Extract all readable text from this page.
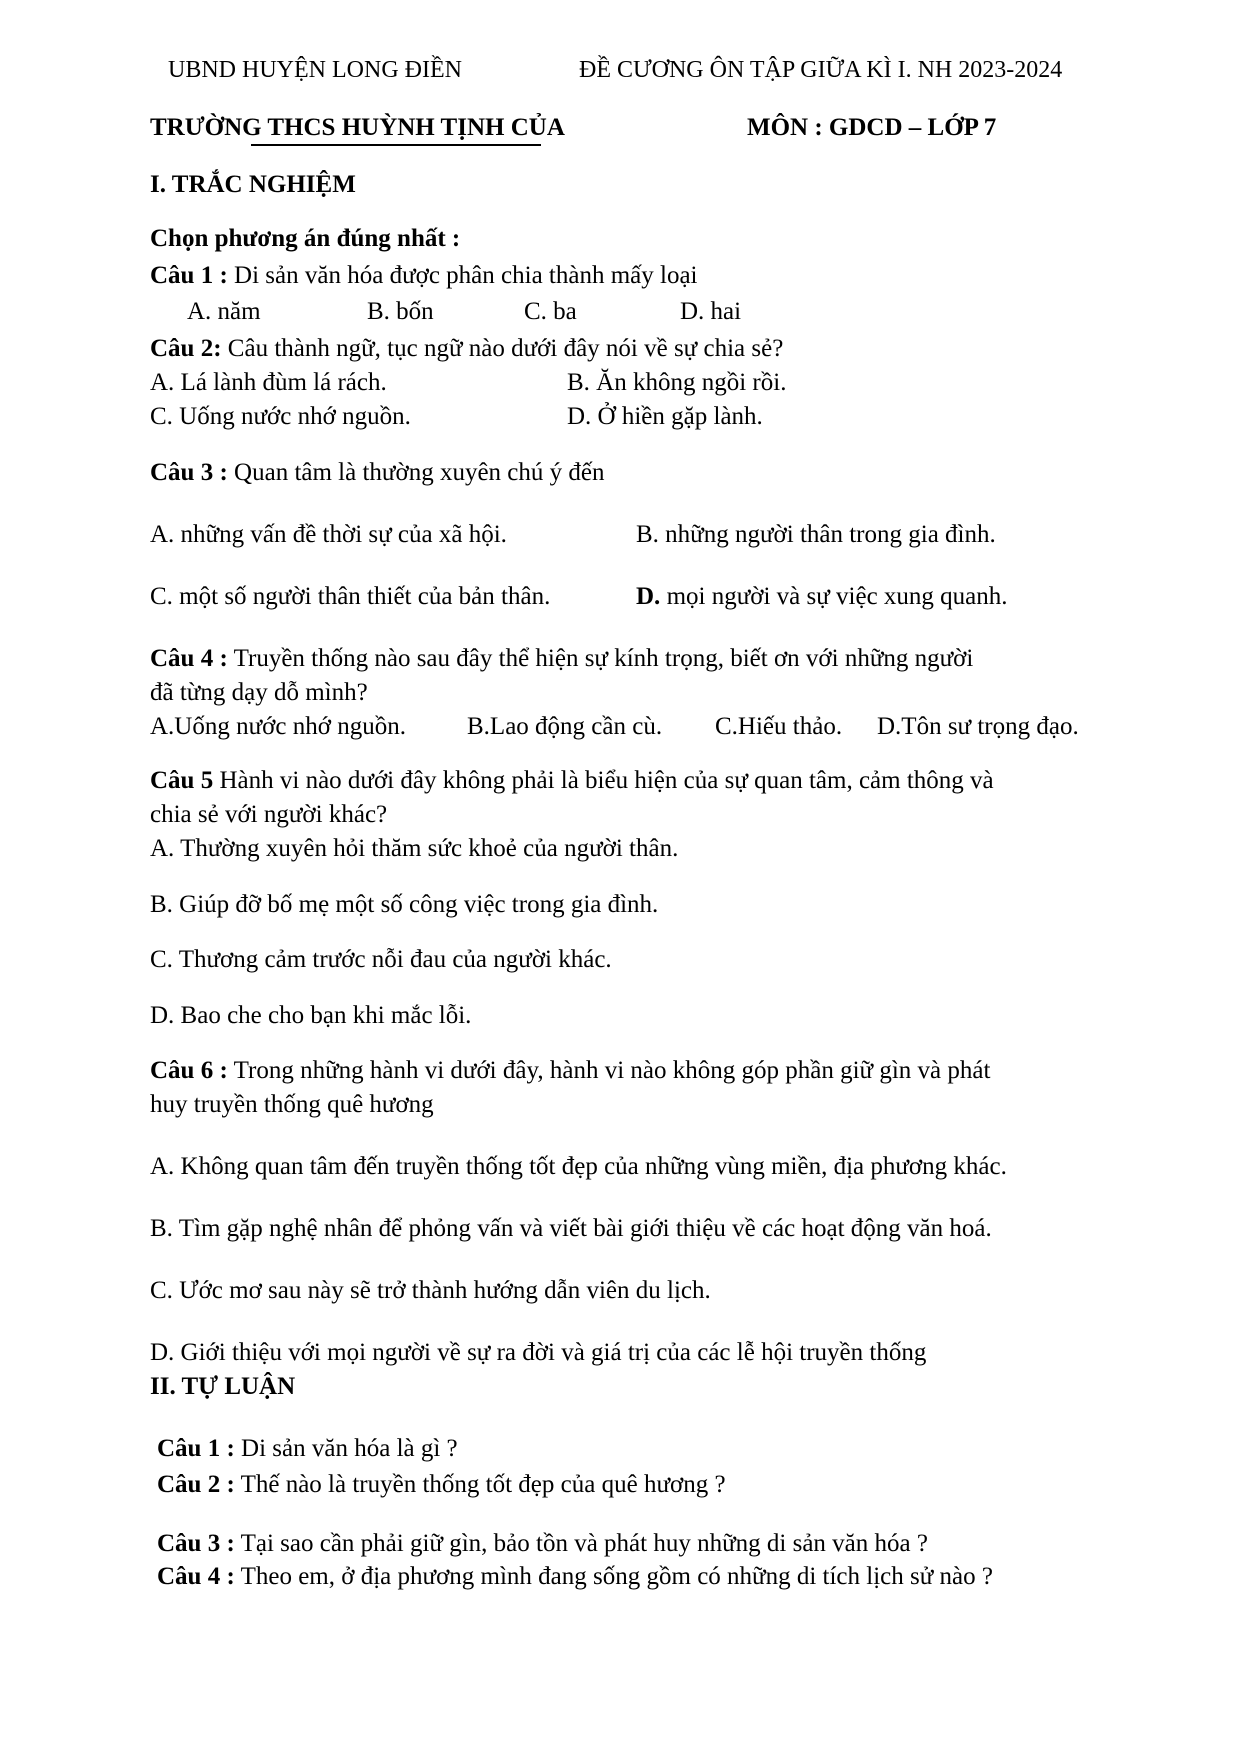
UBND HUYỆN LONG ĐIỀN	ĐỀ CƯƠNG ÔN TẬP GIỮA KÌ I. NH 2023-2024
TRƯỜNG THCS HUỲNH TỊNH CỦA	MÔN : GDCD – LỚP 7
I. TRẮC NGHIỆM
Chọn phương án đúng nhất :
Câu 1 : Di sản văn hóa được phân chia thành mấy loại
A. năm	B. bốn	C. ba	D. hai
Câu 2: Câu thành ngữ, tục ngữ nào dưới đây nói về sự chia sẻ?
A. Lá lành đùm lá rách.	B. Ăn không ngồi rồi.
C. Uống nước nhớ nguồn.	D. Ở hiền gặp lành.
Câu 3 : Quan tâm là thường xuyên chú ý đến
A. những vấn đề thời sự của xã hội.	B. những người thân trong gia đình.
C. một số người thân thiết của bản thân.	D. mọi người và sự việc xung quanh.
Câu 4 : Truyền thống nào sau đây thể hiện sự kính trọng, biết ơn với những người
đã từng dạy dỗ mình?
A.Uống nước nhớ nguồn. B.Lao động cần cù. C.Hiếu thảo. D.Tôn sư trọng đạo.
Câu 5 Hành vi nào dưới đây không phải là biểu hiện của sự quan tâm, cảm thông và
chia sẻ với người khác?
A. Thường xuyên hỏi thăm sức khoẻ của người thân.
B. Giúp đỡ bố mẹ một số công việc trong gia đình.
C. Thương cảm trước nỗi đau của người khác.
D. Bao che cho bạn khi mắc lỗi.
Câu 6 : Trong những hành vi dưới đây, hành vi nào không góp phần giữ gìn và phát
huy truyền thống quê hương
A. Không quan tâm đến truyền thống tốt đẹp của những vùng miền, địa phương khác.
B. Tìm gặp nghệ nhân để phỏng vấn và viết bài giới thiệu về các hoạt động văn hoá.
C. Ước mơ sau này sẽ trở thành hướng dẫn viên du lịch.
D. Giới thiệu với mọi người về sự ra đời và giá trị của các lễ hội truyền thống
II. TỰ LUẬN
Câu 1 : Di sản văn hóa là gì ?
Câu 2 : Thế nào là truyền thống tốt đẹp của quê hương ?
Câu 3 : Tại sao cần phải giữ gìn, bảo tồn và phát huy những di sản văn hóa ?
Câu 4 : Theo em, ở địa phương mình đang sống gồm có những di tích lịch sử nào ?
